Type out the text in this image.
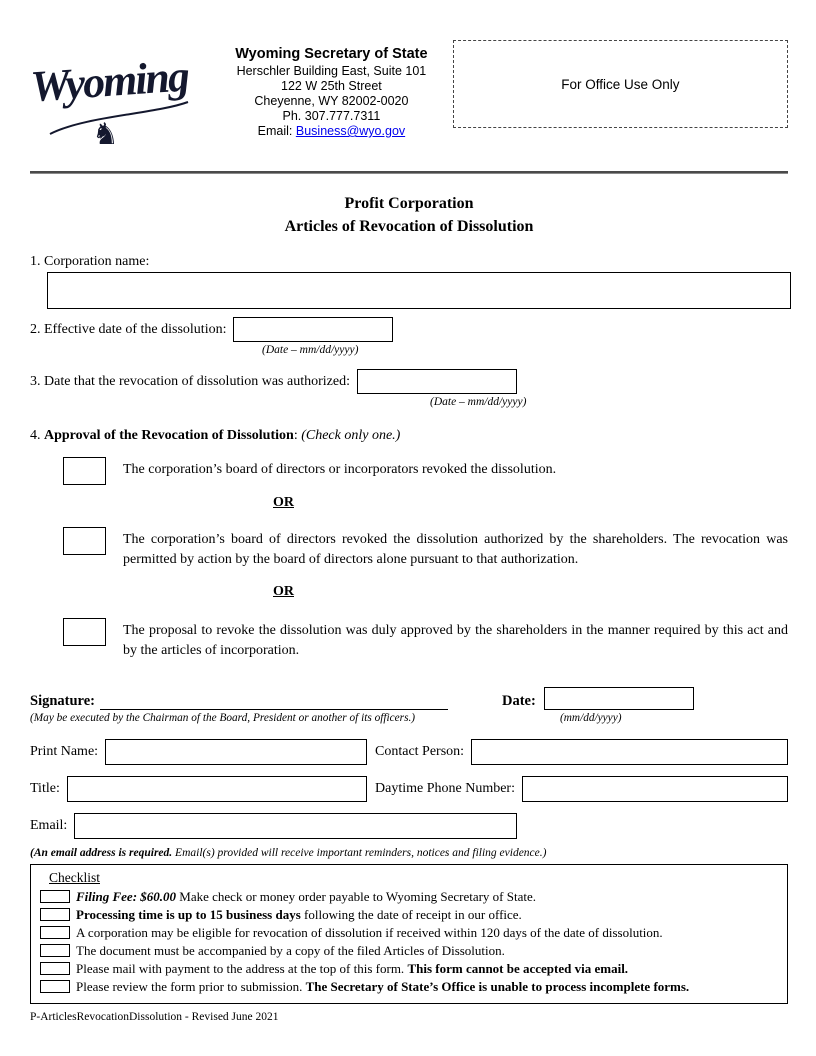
Wyoming
♞
Wyoming Secretary of State
Herschler Building East, Suite 101
122 W 25th Street
Cheyenne, WY 82002-0020
Ph. 307.777.7311
Email: Business@wyo.gov
For Office Use Only
Profit Corporation
Articles of Revocation of Dissolution
1. Corporation name:
2. Effective date of the dissolution:
(Date – mm/dd/yyyy)
3. Date that the revocation of dissolution was authorized:
(Date – mm/dd/yyyy)
4. Approval of the Revocation of Dissolution: (Check only one.)
The corporation’s board of directors or incorporators revoked the dissolution.
OR
The corporation’s board of directors revoked the dissolution authorized by the shareholders. The revocation was permitted by action by the board of directors alone pursuant to that authorization.
OR
The proposal to revoke the dissolution was duly approved by the shareholders in the manner required by this act and by the articles of incorporation.
Signature:	Date:
(May be executed by the Chairman of the Board, President or another of its officers.)	(mm/dd/yyyy)
Print Name:	Contact Person:
Title:	Daytime Phone Number:
Email:
(An email address is required. Email(s) provided will receive important reminders, notices and filing evidence.)
Checklist
Filing Fee: $60.00 Make check or money order payable to Wyoming Secretary of State.
Processing time is up to 15 business days following the date of receipt in our office.
A corporation may be eligible for revocation of dissolution if received within 120 days of the date of dissolution.
The document must be accompanied by a copy of the filed Articles of Dissolution.
Please mail with payment to the address at the top of this form. This form cannot be accepted via email.
Please review the form prior to submission. The Secretary of State’s Office is unable to process incomplete forms.
P-ArticlesRevocationDissolution - Revised June 2021
